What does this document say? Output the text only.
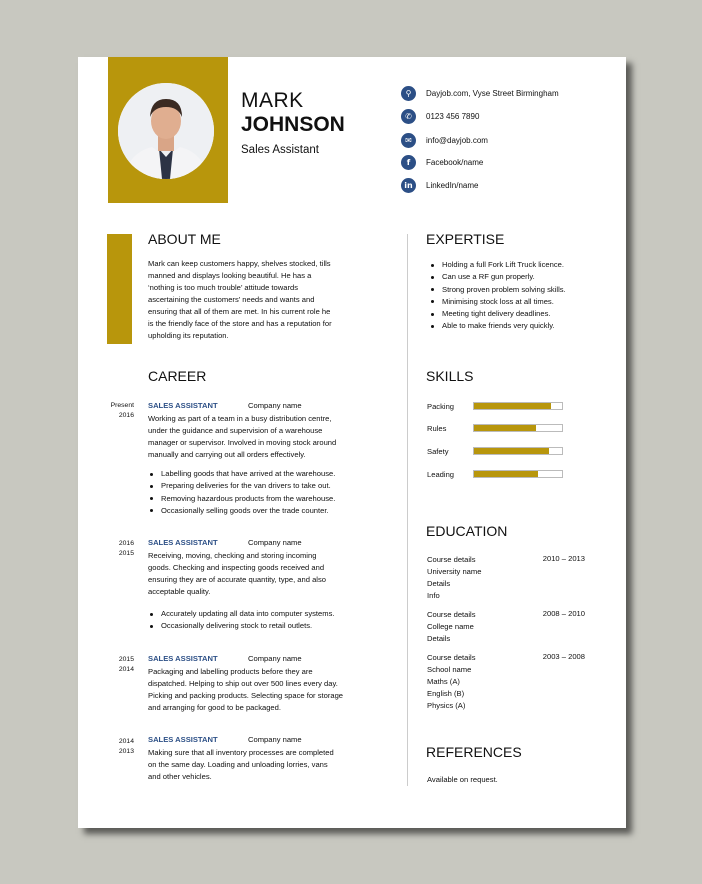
MARK
JOHNSON
Sales Assistant
⚲	Dayjob.com, Vyse Street Birmingham
✆	0123 456 7890
✉	info@dayjob.com
f	Facebook/name
in	LinkedIn/name
ABOUT ME
Mark can keep customers happy, shelves stocked, tills
manned and displays looking beautiful. He has a
‘nothing is too much trouble’ attitude towards
ascertaining the customers’ needs and wants and
ensuring that all of them are met. In his current role he
is the friendly face of the store and has a reputation for
upholding its reputation.
EXPERTISE
Holding a full Fork Lift Truck licence.
Can use a RF gun properly.
Strong proven problem solving skills.
Minimising stock loss at all times.
Meeting tight delivery deadlines.
Able to make friends very quickly.
CAREER
Present
2016
SALES ASSISTANT	Company name
Working as part of a team in a busy distribution centre,
under the guidance and supervision of a warehouse
manager or supervisor. Involved in moving stock around
manually and carrying out all orders effectively.
Labelling goods that have arrived at the warehouse.
Preparing deliveries for the van drivers to take out.
Removing hazardous products from the warehouse.
Occasionally selling goods over the trade counter.
2016
2015
SALES ASSISTANT	Company name
Receiving, moving, checking and storing incoming
goods. Checking and inspecting goods received and
ensuring they are of accurate quantity, type, and also
acceptable quality.
Accurately updating all data into computer systems.
Occasionally delivering stock to retail outlets.
2015
2014
SALES ASSISTANT	Company name
Packaging and labelling products before they are
dispatched. Helping to ship out over 500 lines every day.
Picking and packing products. Selecting space for storage
and arranging for good to be packaged.
2014
2013
SALES ASSISTANT	Company name
Making sure that all inventory processes are completed
on the same day. Loading and unloading lorries, vans
and other vehicles.
SKILLS
Packing
Rules
Safety
Leading
EDUCATION
2010 – 2013
Course details
University name
Details
Info
2008 – 2010
Course details
College name
Details
2003 – 2008
Course details
School name
Maths (A)
English (B)
Physics (A)
REFERENCES
Available on request.
